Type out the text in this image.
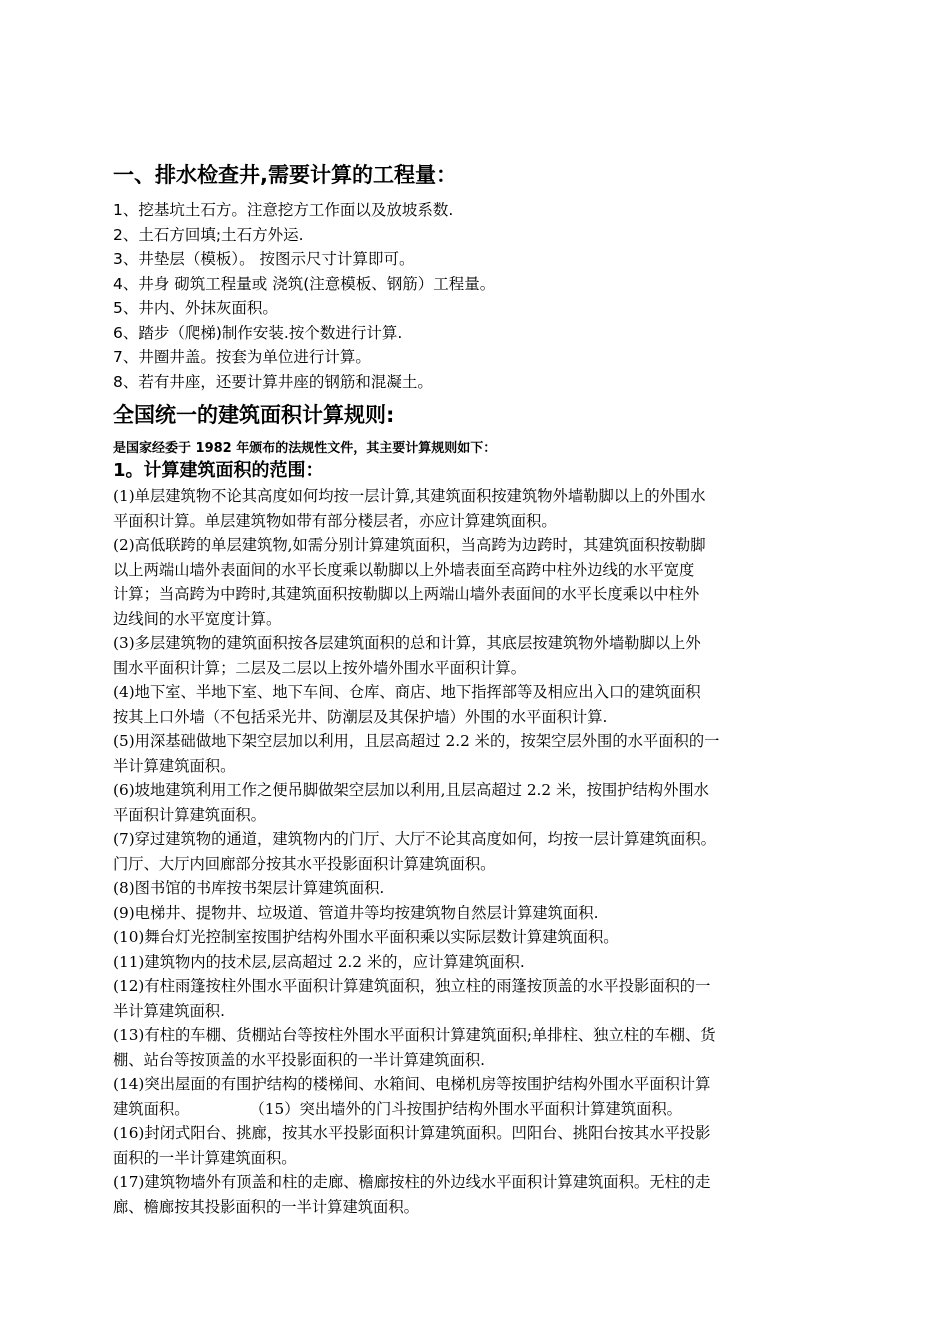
一、排水检查井,需要计算的工程量：
1、挖基坑土石方。注意挖方工作面以及放坡系数.
2、土石方回填;土石方外运.
3、井垫层（模板）。 按图示尺寸计算即可。
4、井身 砌筑工程量或 浇筑(注意模板、钢筋）工程量。
5、井内、外抹灰面积。
6、踏步（爬梯)制作安装.按个数进行计算.
7、井圈井盖。按套为单位进行计算。
8、若有井座，还要计算井座的钢筋和混凝土。
全国统一的建筑面积计算规则:
是国家经委于 1982 年颁布的法规性文件，其主要计算规则如下：
1。计算建筑面积的范围：

(1)单层建筑物不论其高度如何均按一层计算,其建筑面积按建筑物外墙勒脚以上的外围水
平面积计算。单层建筑物如带有部分楼层者，亦应计算建筑面积。

(2)高低联跨的单层建筑物,如需分别计算建筑面积，当高跨为边跨时，其建筑面积按勒脚
以上两端山墙外表面间的水平长度乘以勒脚以上外墙表面至高跨中柱外边线的水平宽度
计算；当高跨为中跨时,其建筑面积按勒脚以上两端山墙外表面间的水平长度乘以中柱外
边线间的水平宽度计算。

(3)多层建筑物的建筑面积按各层建筑面积的总和计算，其底层按建筑物外墙勒脚以上外
围水平面积计算；二层及二层以上按外墙外围水平面积计算。

(4)地下室、半地下室、地下车间、仓库、商店、地下指挥部等及相应出入口的建筑面积
按其上口外墙（不包括采光井、防潮层及其保护墙）外围的水平面积计算.

(5)用深基础做地下架空层加以利用，且层高超过 2.2 米的，按架空层外围的水平面积的一
半计算建筑面积。

(6)坡地建筑利用工作之便吊脚做架空层加以利用,且层高超过 2.2 米，按围护结构外围水
平面积计算建筑面积。

(7)穿过建筑物的通道，建筑物内的门厅、大厅不论其高度如何，均按一层计算建筑面积。
门厅、大厅内回廊部分按其水平投影面积计算建筑面积。

(8)图书馆的书库按书架层计算建筑面积.

(9)电梯井、提物井、垃圾道、管道井等均按建筑物自然层计算建筑面积.

(10)舞台灯光控制室按围护结构外围水平面积乘以实际层数计算建筑面积。

(11)建筑物内的技术层,层高超过 2.2 米的，应计算建筑面积.

(12)有柱雨篷按柱外围水平面积计算建筑面积，独立柱的雨篷按顶盖的水平投影面积的一
半计算建筑面积.

(13)有柱的车棚、货棚站台等按柱外围水平面积计算建筑面积;单排柱、独立柱的车棚、货
棚、站台等按顶盖的水平投影面积的一半计算建筑面积.

(14)突出屋面的有围护结构的楼梯间、水箱间、电梯机房等按围护结构外围水平面积计算
建筑面积。	（15）突出墙外的门斗按围护结构外围水平面积计算建筑面积。

(16)封闭式阳台、挑廊，按其水平投影面积计算建筑面积。凹阳台、挑阳台按其水平投影
面积的一半计算建筑面积。

(17)建筑物墙外有顶盖和柱的走廊、檐廊按柱的外边线水平面积计算建筑面积。无柱的走
廊、檐廊按其投影面积的一半计算建筑面积。
